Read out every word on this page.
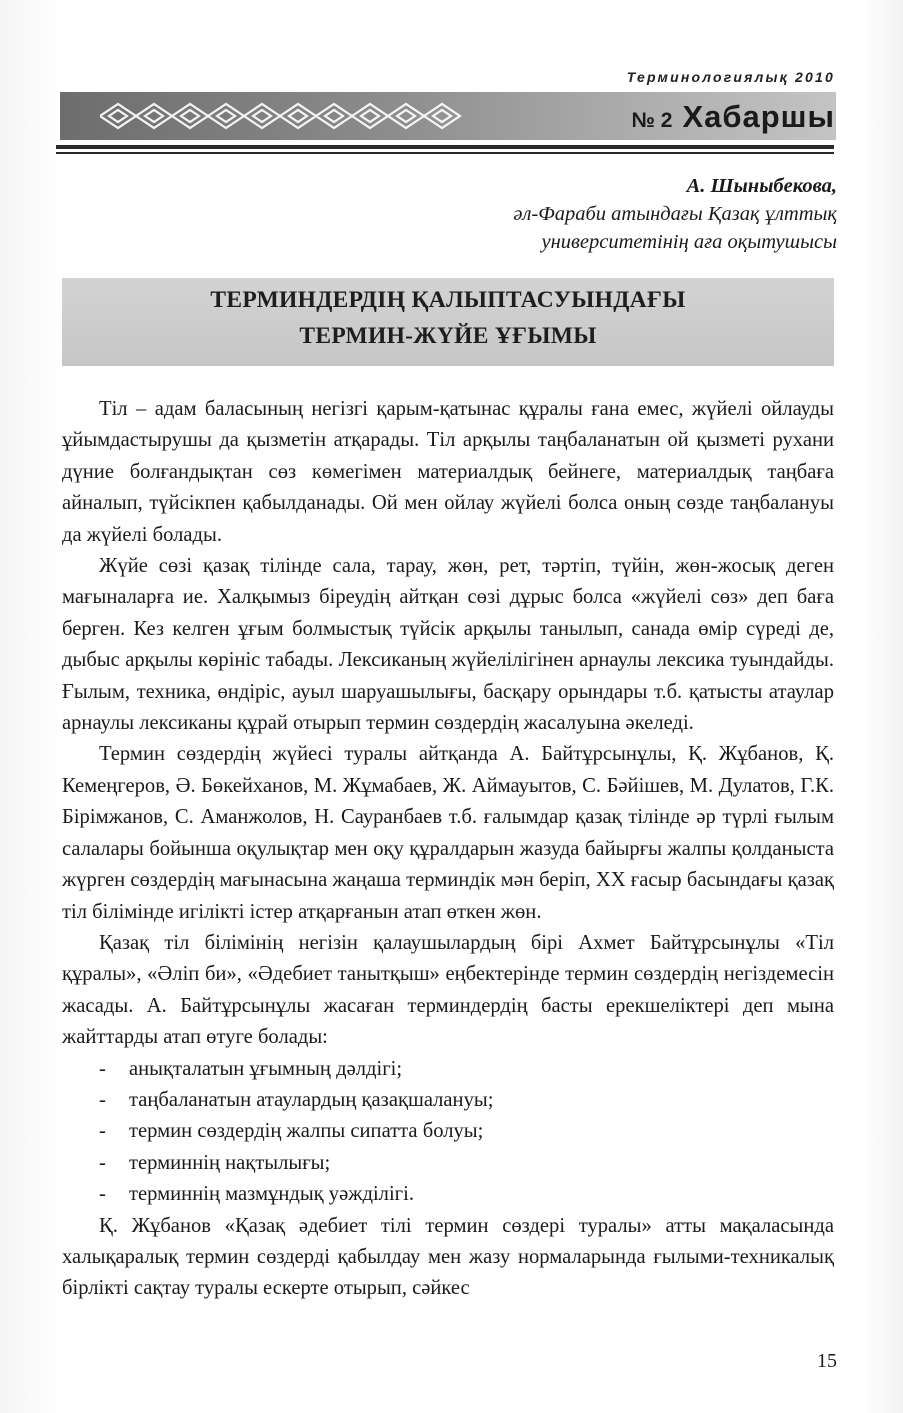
Терминологиялық 2010
№ 2 Хабаршы
А. Шыныбекова,
әл-Фараби атындағы Қазақ ұлттық
университетінің аға оқытушысы
ТЕРМИНДЕРДІҢ ҚАЛЫПТАСУЫНДАҒЫ
ТЕРМИН-ЖҮЙЕ ҰҒЫМЫ

Тіл – адам баласының негізгі қарым-қатынас құралы ғана емес, жүйелі ойлауды ұйымдастырушы да қызметін атқарады. Тіл арқылы таңбаланатын ой қызметі рухани дүние болғандықтан сөз көмегімен материалдық бейнеге, материалдық таңбаға айналып, түйсікпен қабылданады. Ой мен ойлау жүйелі болса оның сөзде таңбалануы да жүйелі болады.

Жүйе сөзі қазақ тілінде сала, тарау, жөн, рет, тәртіп, түйін, жөн-жосық деген мағыналарға ие. Халқымыз біреудің айтқан сөзі дұрыс болса «жүйелі сөз» деп баға берген. Кез келген ұғым болмыстық түйсік арқылы танылып, санада өмір сүреді де, дыбыс арқылы көрініс табады. Лексиканың жүйелілігінен арнаулы лексика туындайды. Ғылым, техника, өндіріс, ауыл шаруашылығы, басқару орындары т.б. қатысты атаулар арнаулы лексиканы құрай отырып термин сөздердің жасалуына әкеледі.

Термин сөздердің жүйесі туралы айтқанда А. Байтұрсынұлы, Қ. Жұбанов, Қ. Кемеңгеров, Ә. Бөкейханов, М. Жұмабаев, Ж. Аймауытов, С. Бәйішев, М. Дулатов, Г.К. Бірімжанов, С. Аманжолов, Н. Сауранбаев т.б. ғалымдар қазақ тілінде әр түрлі ғылым салалары бойынша оқулықтар мен оқу құралдарын жазуда байырғы жалпы қолданыста жүрген сөздердің мағынасына жаңаша терминдік мән беріп, ХХ ғасыр басындағы қазақ тіл білімінде игілікті істер атқарғанын атап өткен жөн.

Қазақ тіл білімінің негізін қалаушылардың бірі Ахмет Байтұрсынұлы «Тіл құралы», «Әліп би», «Әдебиет танытқыш» еңбектерінде термин сөздердің негіздемесін жасады. А. Байтұрсынұлы жасаған терминдердің басты ерекшеліктері деп мына жайттарды атап өтуге болады:

- анықталатын ұғымның дәлдігі;
- таңбаланатын атаулардың қазақшалануы;
- термин сөздердің жалпы сипатта болуы;
- терминнің нақтылығы;
- терминнің мазмұндық уәждiлігі.

Қ. Жұбанов «Қазақ әдебиет тілі термин сөздері туралы» атты мақаласында халықаралық термин сөздерді қабылдау мен жазу нормаларында ғылыми-техникалық бірлікті сақтау туралы ескерте отырып, сәйкес

15
